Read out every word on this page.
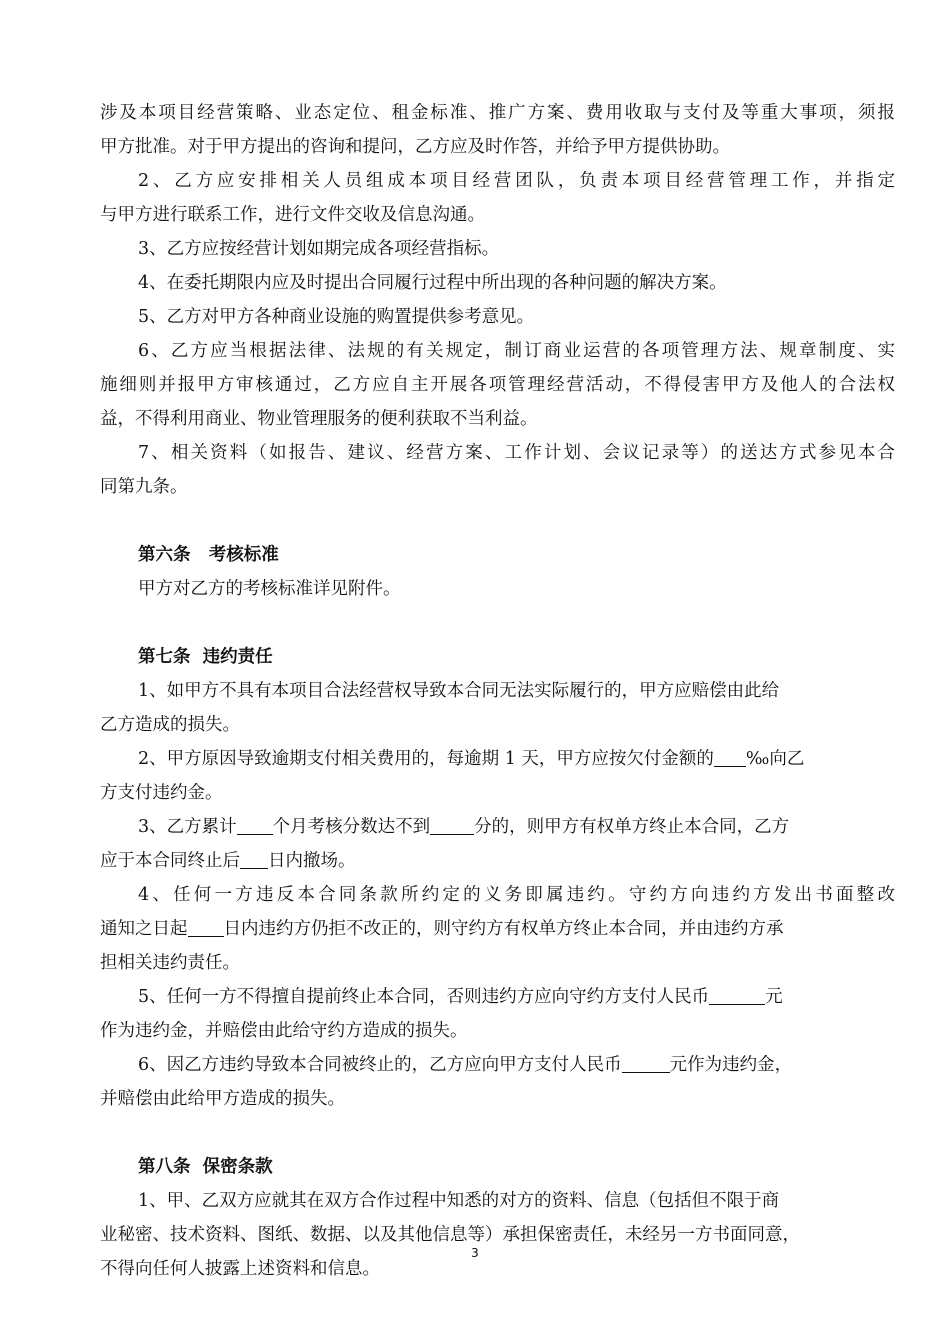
涉及本项目经营策略、业态定位、租金标准、推广方案、费用收取与支付及等重大事项，须报

甲方批准。对于甲方提出的咨询和提问，乙方应及时作答，并给予甲方提供协助。

2、乙方应安排相关人员组成本项目经营团队，负责本项目经营管理工作，并指定

与甲方进行联系工作，进行文件交收及信息沟通。

3、乙方应按经营计划如期完成各项经营指标。

4、在委托期限内应及时提出合同履行过程中所出现的各种问题的解决方案。

5、乙方对甲方各种商业设施的购置提供参考意见。

6、乙方应当根据法律、法规的有关规定，制订商业运营的各项管理方法、规章制度、实

施细则并报甲方审核通过，乙方应自主开展各项管理经营活动，不得侵害甲方及他人的合法权

益，不得利用商业、物业管理服务的便利获取不当利益。

7、相关资料（如报告、建议、经营方案、工作计划、会议记录等）的送达方式参见本合

同第九条。

第六条   考核标准

甲方对乙方的考核标准详见附件。

第七条  违约责任

1、如甲方不具有本项目合法经营权导致本合同无法实际履行的，甲方应赔偿由此给

乙方造成的损失。

2、甲方原因导致逾期支付相关费用的，每逾期 1 天，甲方应按欠付金额的 ‰向乙

方支付违约金。

3、乙方累计 个月考核分数达不到	分的，则甲方有权单方终止本合同，乙方

应于本合同终止后 日内撤场。

4、任何一方违反本合同条款所约定的义务即属违约。守约方向违约方发出书面整改

通知之日起 日内违约方仍拒不改正的，则守约方有权单方终止本合同，并由违约方承

担相关违约责任。

5、任何一方不得擅自提前终止本合同，否则违约方应向守约方支付人民币	元

作为违约金，并赔偿由此给守约方造成的损失。

6、因乙方违约导致本合同被终止的，乙方应向甲方支付人民币	元作为违约金，

并赔偿由此给甲方造成的损失。

第八条  保密条款

1、甲、乙双方应就其在双方合作过程中知悉的对方的资料、信息（包括但不限于商

业秘密、技术资料、图纸、数据、以及其他信息等）承担保密责任，未经另一方书面同意，

不得向任何人披露上述资料和信息。

3
